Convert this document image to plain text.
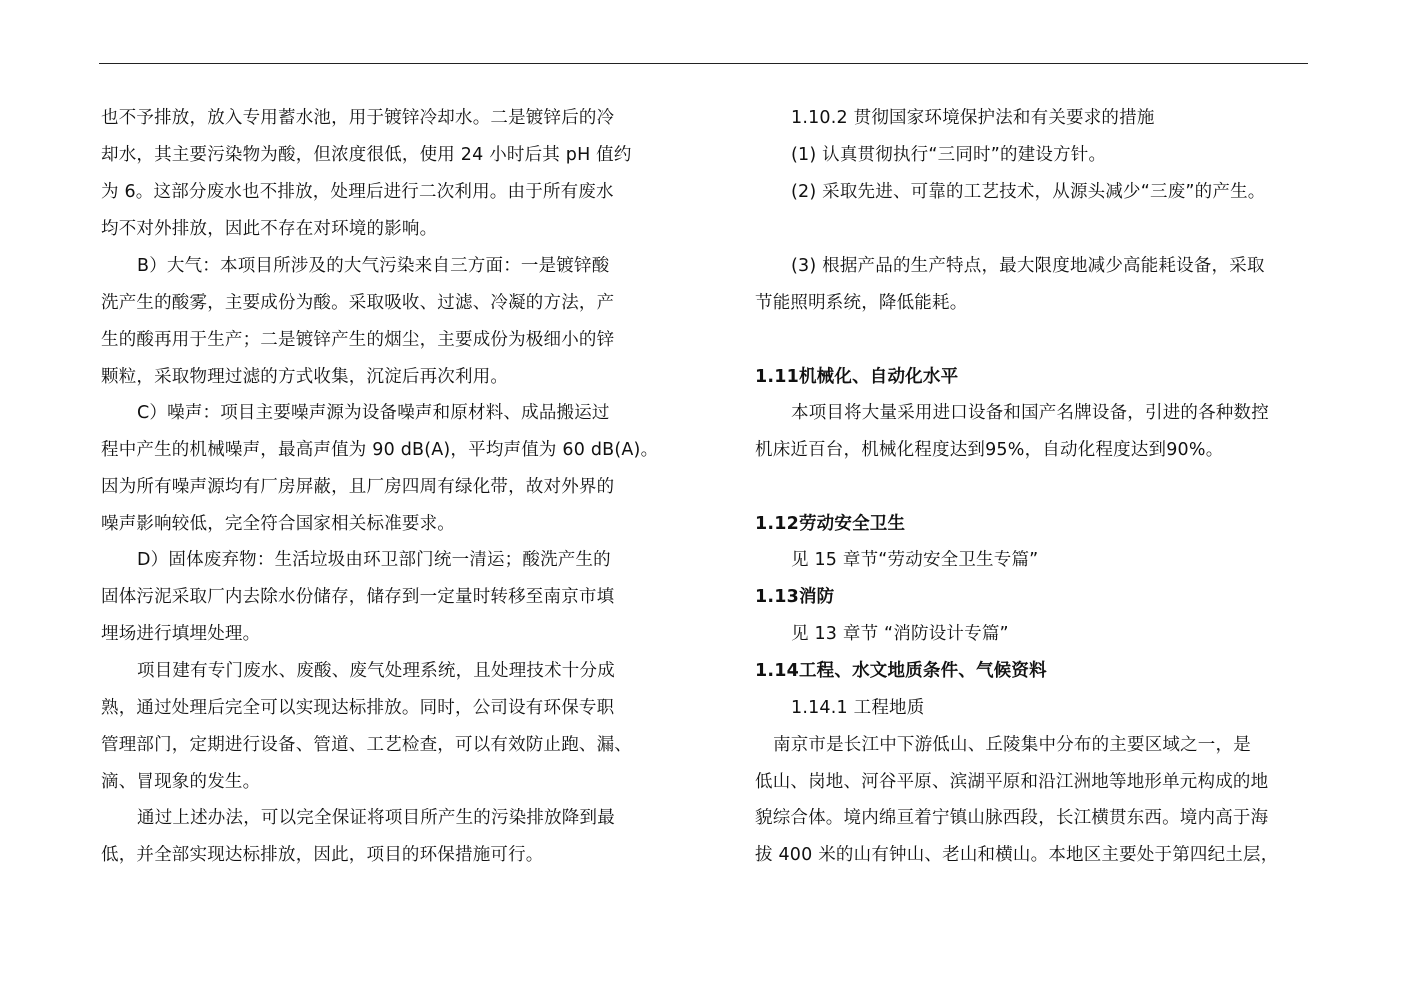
也不予排放，放入专用蓄水池，用于镀锌冷却水。二是镀锌后的冷
却水，其主要污染物为酸，但浓度很低，使用 24 小时后其 pH 值约
为 6。这部分废水也不排放，处理后进行二次利用。由于所有废水
均不对外排放，因此不存在对环境的影响。
B）大气：本项目所涉及的大气污染来自三方面：一是镀锌酸
洗产生的酸雾，主要成份为酸。采取吸收、过滤、冷凝的方法，产
生的酸再用于生产；二是镀锌产生的烟尘，主要成份为极细小的锌
颗粒，采取物理过滤的方式收集，沉淀后再次利用。
C）噪声：项目主要噪声源为设备噪声和原材料、成品搬运过
程中产生的机械噪声，最高声值为 90 dB(A)，平均声值为 60 dB(A)。
因为所有噪声源均有厂房屏蔽，且厂房四周有绿化带，故对外界的
噪声影响较低，完全符合国家相关标准要求。
D）固体废弃物：生活垃圾由环卫部门统一清运；酸洗产生的
固体污泥采取厂内去除水份储存，储存到一定量时转移至南京市填
埋场进行填埋处理。
项目建有专门废水、废酸、废气处理系统，且处理技术十分成
熟，通过处理后完全可以实现达标排放。同时，公司设有环保专职
管理部门，定期进行设备、管道、工艺检查，可以有效防止跑、漏、
滴、冒现象的发生。
通过上述办法，可以完全保证将项目所产生的污染排放降到最
低，并全部实现达标排放，因此，项目的环保措施可行。
1.10.2 贯彻国家环境保护法和有关要求的措施
(1) 认真贯彻执行“三同时”的建设方针。
(2) 采取先进、可靠的工艺技术，从源头减少“三废”的产生。
(3) 根据产品的生产特点，最大限度地减少高能耗设备，采取
节能照明系统，降低能耗。
1.11机械化、自动化水平
本项目将大量采用进口设备和国产名牌设备，引进的各种数控
机床近百台，机械化程度达到95%，自动化程度达到90%。
1.12劳动安全卫生
见 15 章节“劳动安全卫生专篇”
1.13消防
见 13 章节 “消防设计专篇”
1.14工程、水文地质条件、气候资料
1.14.1 工程地质
南京市是长江中下游低山、丘陵集中分布的主要区域之一，是
低山、岗地、河谷平原、滨湖平原和沿江洲地等地形单元构成的地
貌综合体。境内绵亘着宁镇山脉西段，长江横贯东西。境内高于海
拔 400 米的山有钟山、老山和横山。本地区主要处于第四纪土层，
